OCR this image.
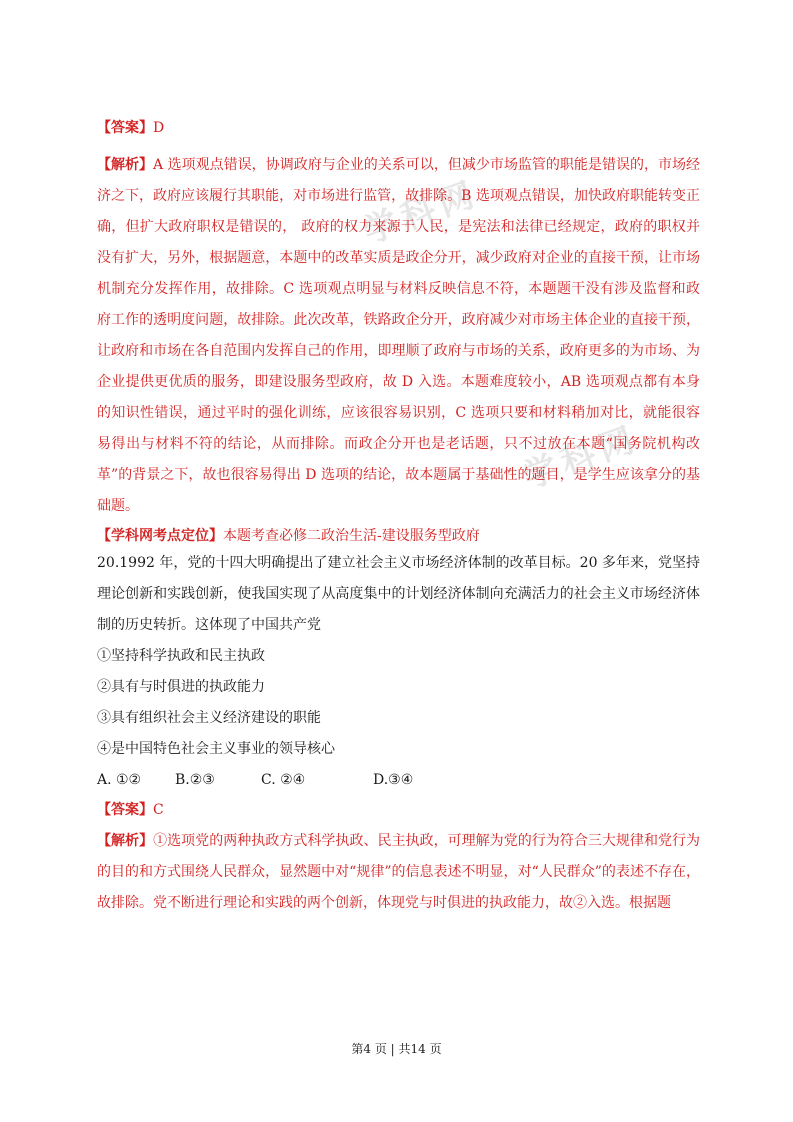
学科网
学科网

【答案】D

【解析】A 选项观点错误，协调政府与企业的关系可以，但减少市场监管的职能是错误的，市场经济之下，政府应该履行其职能，对市场进行监管，故排除。B 选项观点错误，加快政府职能转变正确，但扩大政府职权是错误的， 政府的权力来源于人民，是宪法和法律已经规定，政府的职权并没有扩大，另外，根据题意，本题中的改革实质是政企分开，减少政府对企业的直接干预，让市场机制充分发挥作用，故排除。C 选项观点明显与材料反映信息不符，本题题干没有涉及监督和政府工作的透明度问题，故排除。此次改革，铁路政企分开，政府减少对市场主体企业的直接干预，让政府和市场在各自范围内发挥自己的作用，即理顺了政府与市场的关系，政府更多的为市场、为企业提供更优质的服务，即建设服务型政府，故 D 入选。本题难度较小，AB 选项观点都有本身的知识性错误，通过平时的强化训练，应该很容易识别，C 选项只要和材料稍加对比，就能很容易得出与材料不符的结论，从而排除。而政企分开也是老话题，只不过放在本题“国务院机构改革”的背景之下，故也很容易得出 D 选项的结论，故本题属于基础性的题目，是学生应该拿分的基础题。

【学科网考点定位】本题考查必修二政治生活-建设服务型政府

20.1992 年，党的十四大明确提出了建立社会主义市场经济体制的改革目标。20 多年来，党坚持理论创新和实践创新，使我国实现了从高度集中的计划经济体制向充满活力的社会主义市场经济体制的历史转折。这体现了中国共产党

①坚持科学执政和民主执政

②具有与时俱进的执政能力

③具有组织社会主义经济建设的职能

④是中国特色社会主义事业的领导核心

A. ①② B.②③	C. ②④	D.③④

【答案】C

【解析】①选项党的两种执政方式科学执政、民主执政，可理解为党的行为符合三大规律和党行为的目的和方式围绕人民群众，显然题中对“规律”的信息表述不明显，对“人民群众”的表述不存在，故排除。党不断进行理论和实践的两个创新，体现党与时俱进的执政能力，故②入选。根据题

第4 页 | 共14 页
